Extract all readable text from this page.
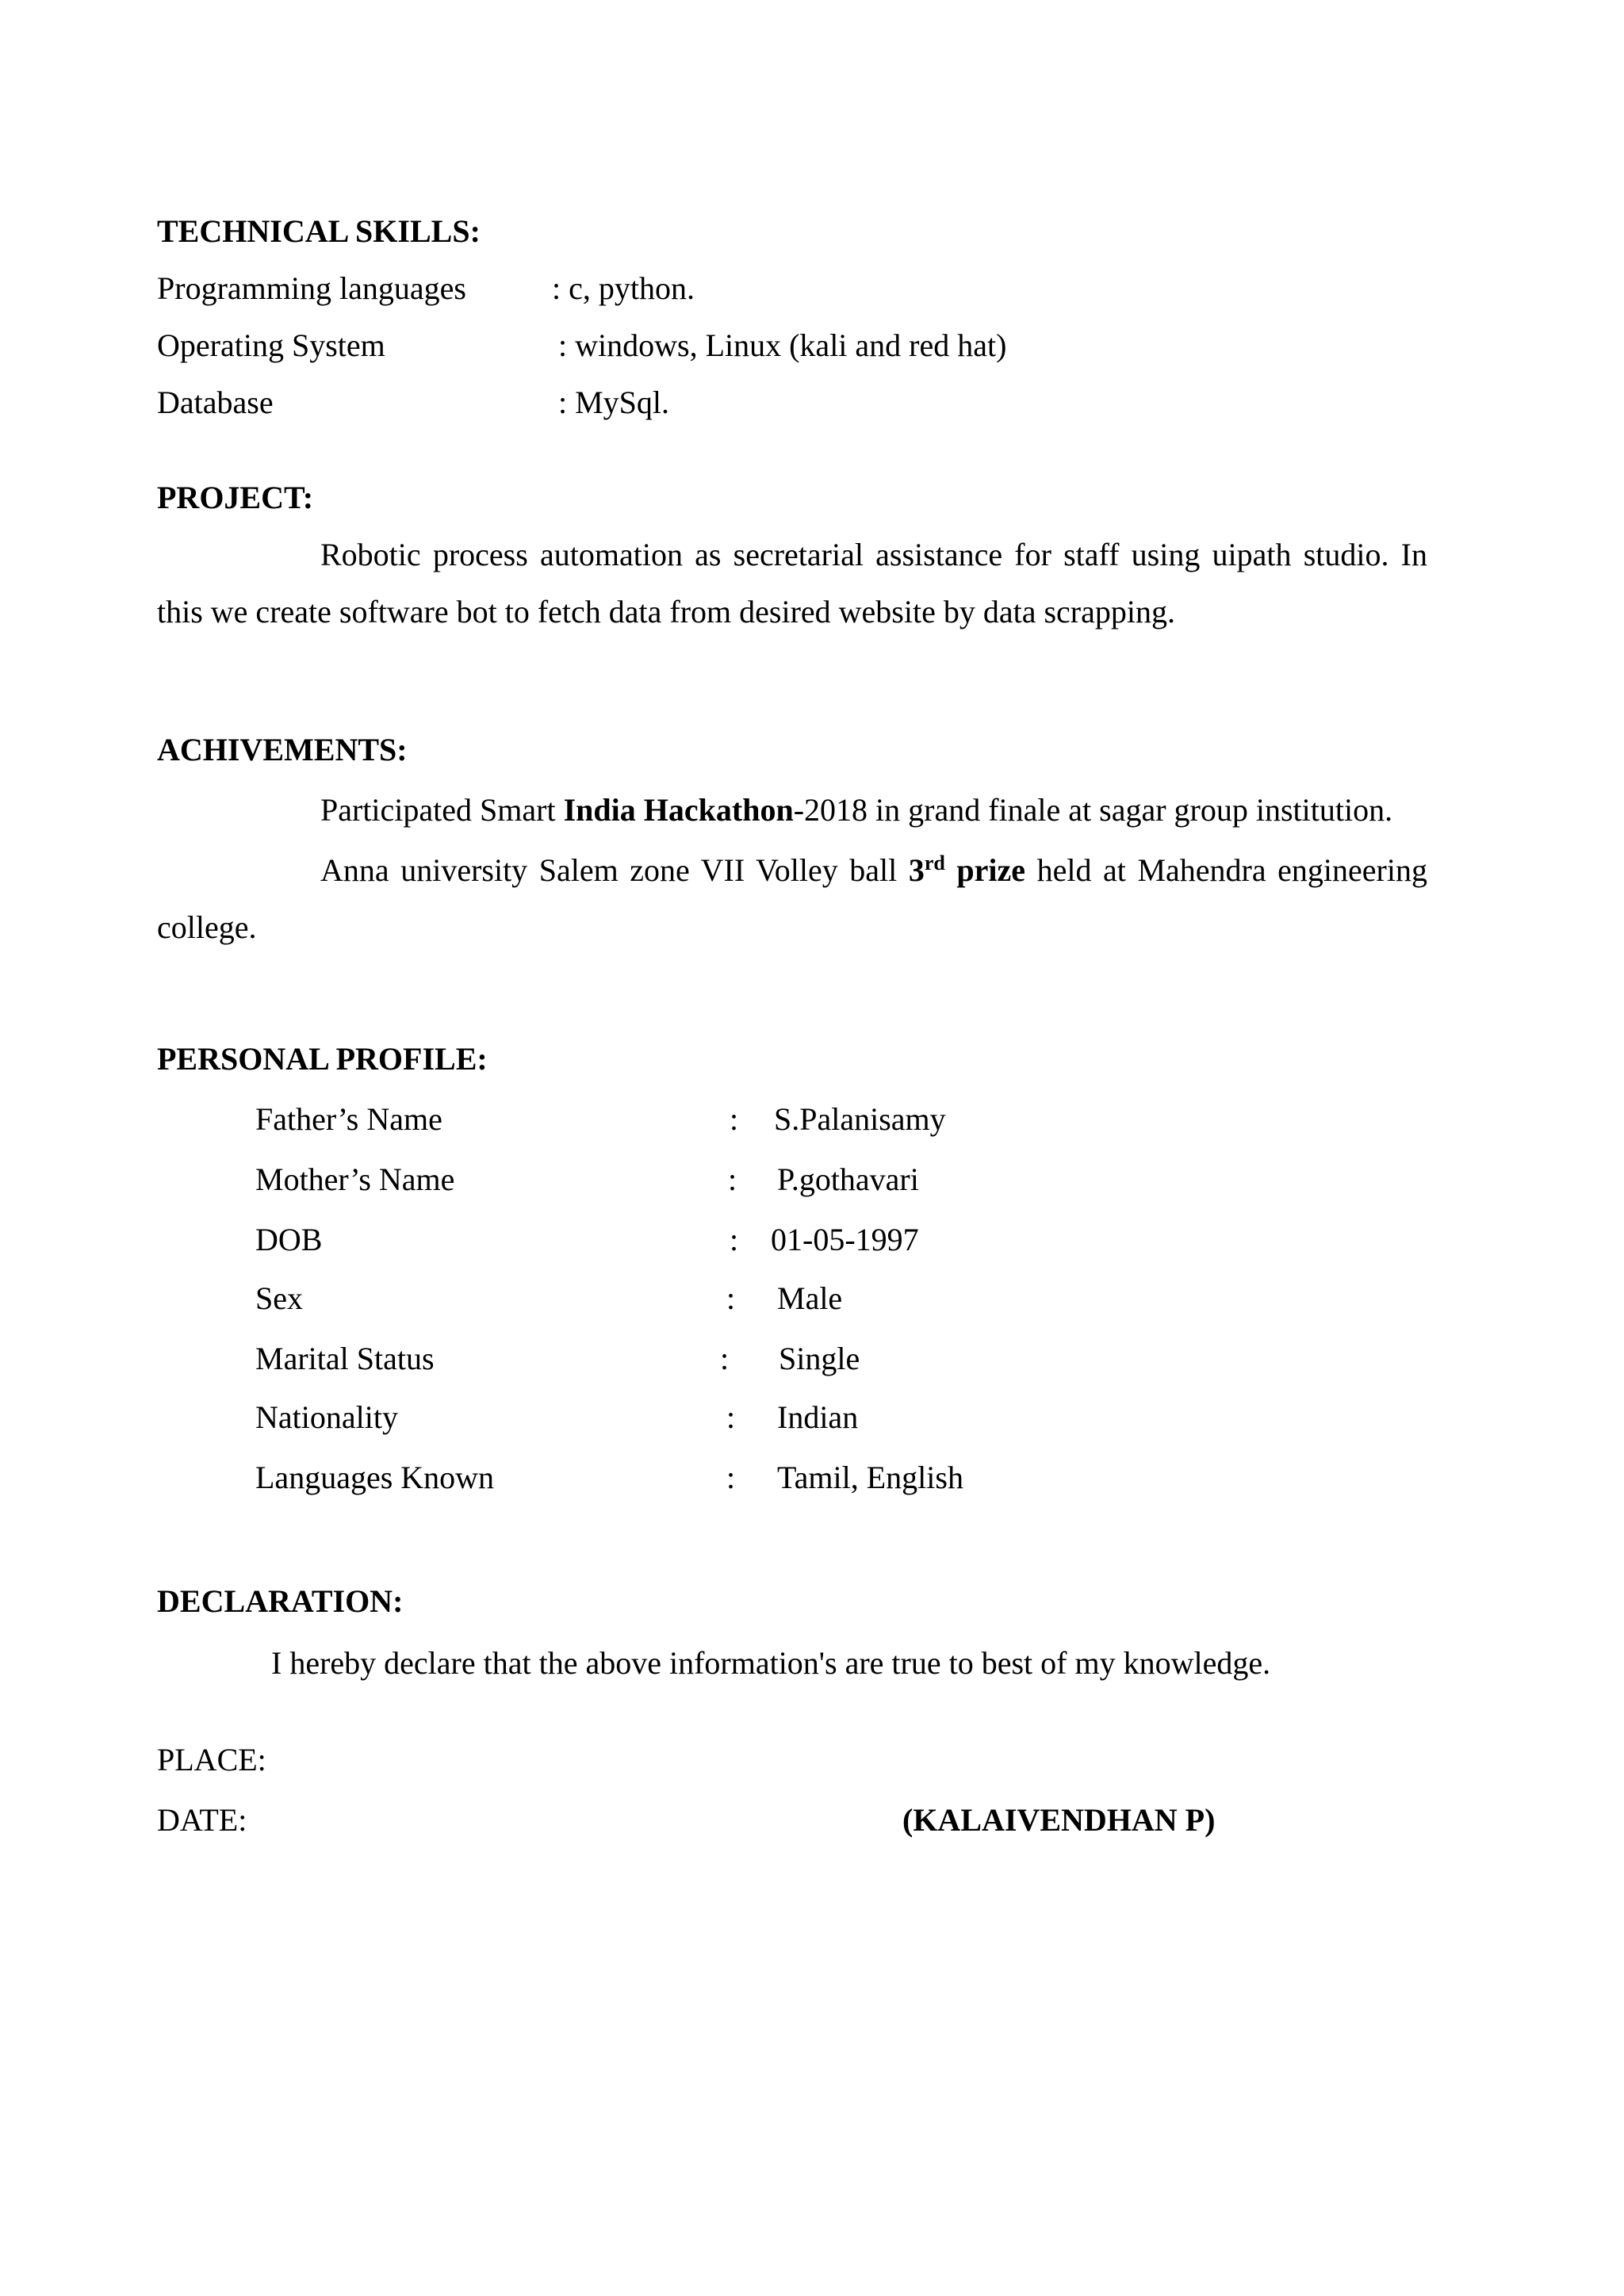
TECHNICAL SKILLS:
Programming languages	: c, python.
Operating System	: windows, Linux (kali and red hat)
Database	: MySql.
PROJECT:
Robotic process automation as secretarial assistance for staff using uipath studio. In this we create software bot to fetch data from desired website by data scrapping.
ACHIVEMENTS:
Participated Smart India Hackathon-2018 in grand finale at sagar group institution.
Anna university Salem zone VII Volley ball 3rd prize held at Mahendra engineering college.
PERSONAL PROFILE:
Father’s Name	: S.Palanisamy
Mother’s Name	: P.gothavari
DOB	: 01-05-1997
Sex	: Male
Marital Status	: Single
Nationality	: Indian
Languages Known	: Tamil, English
DECLARATION:
I hereby declare that the above information's are true to best of my knowledge.
PLACE:
DATE:	(KALAIVENDHAN P)
